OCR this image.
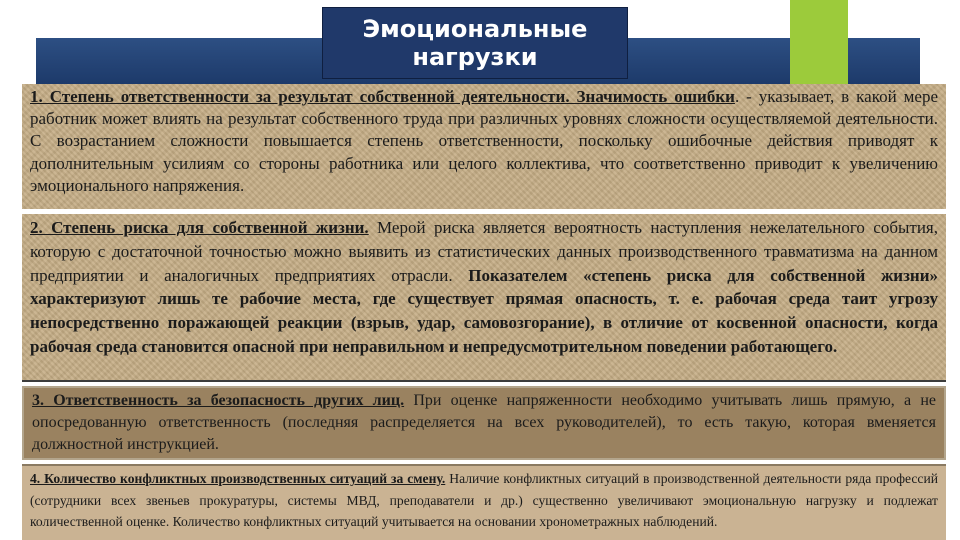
Эмоциональные
нагрузки
1. Степень ответственности за результат собственной деятельности. Значимость ошибки. - указывает, в какой мере работник может влиять на результат собственного труда при различных уровнях сложности осуществляемой деятельности. С возрастанием сложности повышается степень ответственности, поскольку ошибочные действия приводят к дополнительным усилиям со стороны работника или целого коллектива, что соответственно приводит к увеличению эмоционального напряжения.
2. Степень риска для собственной жизни. Мерой риска является вероятность наступления нежелательного события, которую с достаточной точностью можно выявить из статистических данных производственного травматизма на данном предприятии и аналогичных предприятиях отрасли. Показателем «степень риска для собственной жизни» характеризуют лишь те рабочие места, где существует прямая опасность, т. е. рабочая среда таит угрозу непосредственно поражающей реакции (взрыв, удар, самовозгорание), в отличие от косвенной опасности, когда рабочая среда становится опасной при неправильном и непредусмотрительном поведении работающего.
3. Ответственность за безопасность других лиц. При оценке напряженности необходимо учитывать лишь прямую, а не опосредованную ответственность (последняя распределяется на всех руководителей), то есть такую, которая вменяется должностной инструкцией.
4. Количество конфликтных производственных ситуаций за смену. Наличие конфликтных ситуаций в производственной деятельности ряда профессий (сотрудники всех звеньев прокуратуры, системы МВД, преподаватели и др.) существенно увеличивают эмоциональную нагрузку и подлежат количественной оценке. Количество конфликтных ситуаций учитывается на основании хронометражных наблюдений.
